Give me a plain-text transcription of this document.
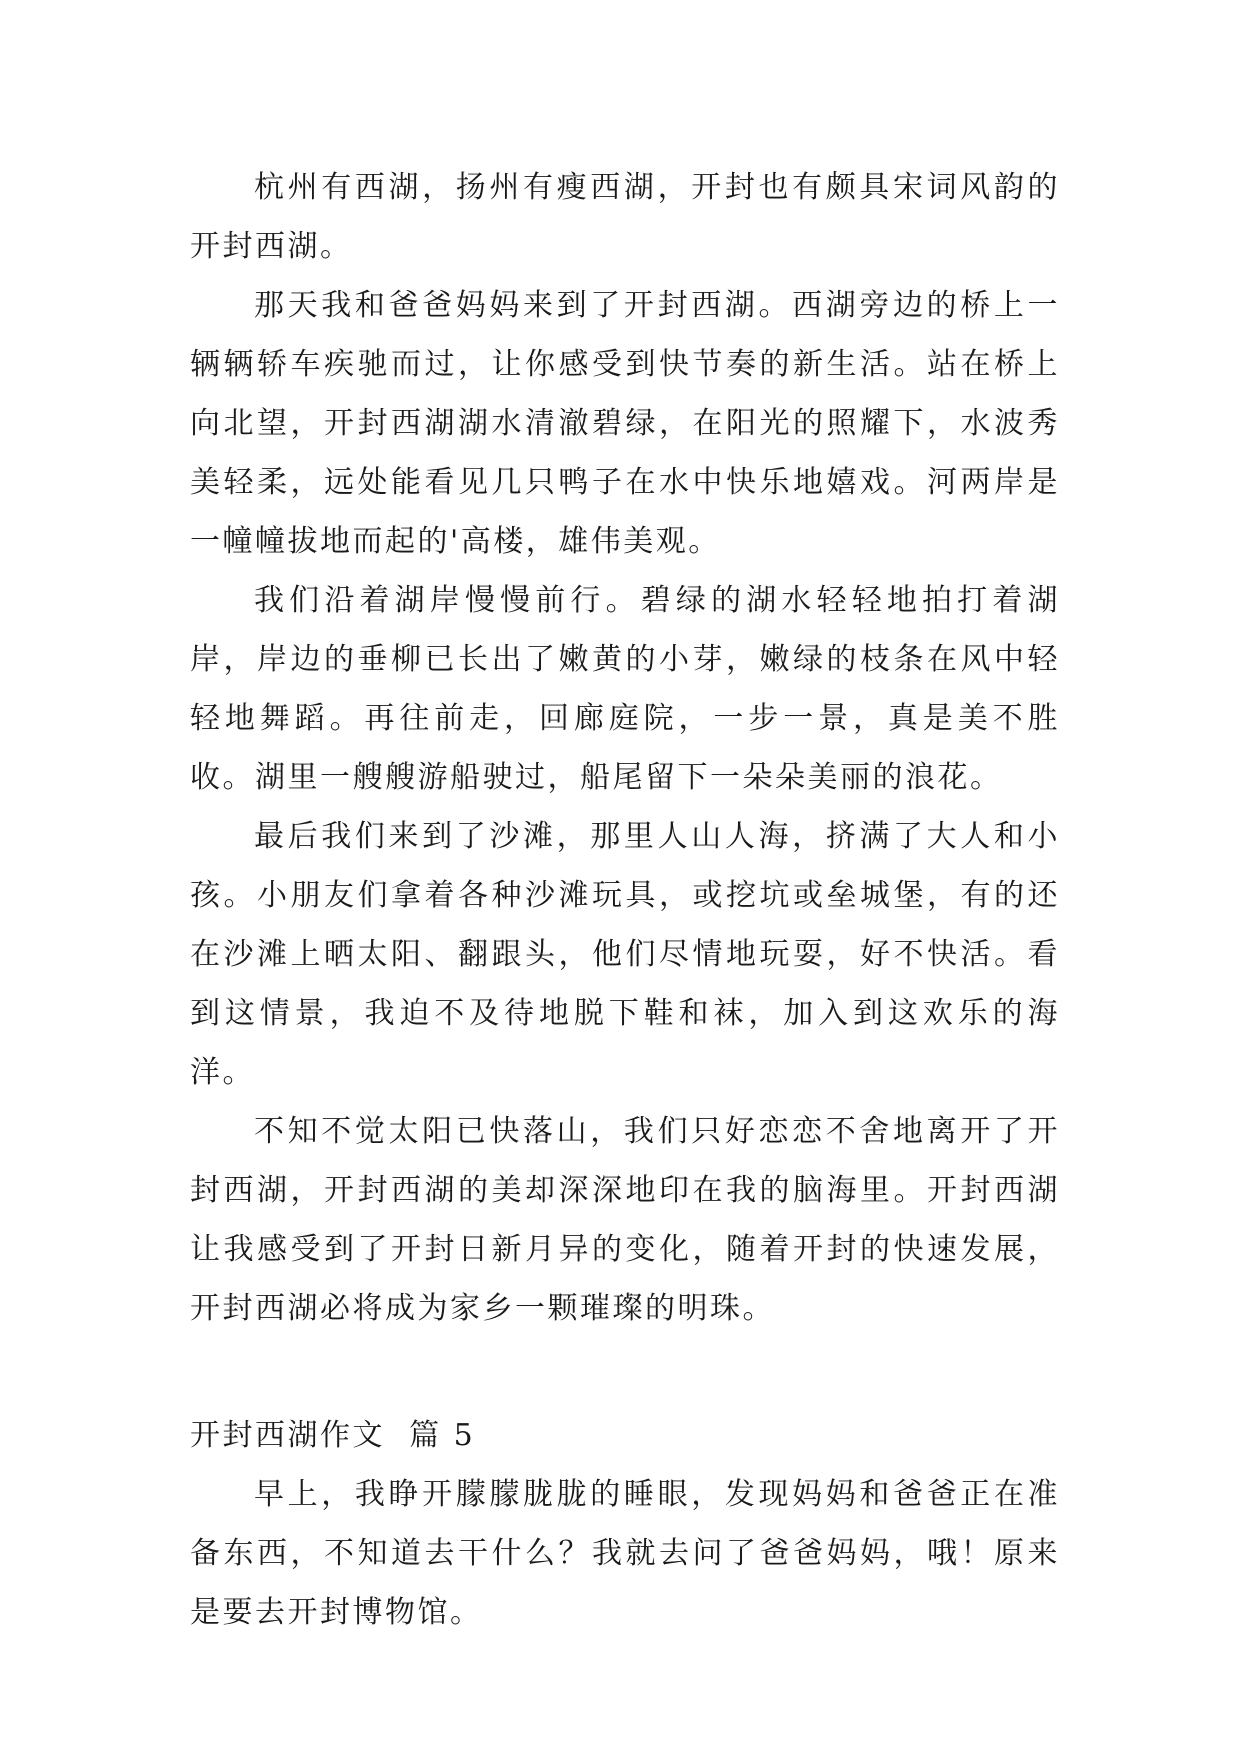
杭州有西湖，扬州有瘦西湖，开封也有颇具宋词风韵的开封西湖。

那天我和爸爸妈妈来到了开封西湖。西湖旁边的桥上一辆辆轿车疾驰而过，让你感受到快节奏的新生活。站在桥上向北望，开封西湖湖水清澈碧绿，在阳光的照耀下，水波秀美轻柔，远处能看见几只鸭子在水中快乐地嬉戏。河两岸是一幢幢拔地而起的'高楼，雄伟美观。

我们沿着湖岸慢慢前行。碧绿的湖水轻轻地拍打着湖岸，岸边的垂柳已长出了嫩黄的小芽，嫩绿的枝条在风中轻轻地舞蹈。再往前走，回廊庭院，一步一景，真是美不胜收。湖里一艘艘游船驶过，船尾留下一朵朵美丽的浪花。

最后我们来到了沙滩，那里人山人海，挤满了大人和小孩。小朋友们拿着各种沙滩玩具，或挖坑或垒城堡，有的还在沙滩上晒太阳、翻跟头，他们尽情地玩耍，好不快活。看到这情景，我迫不及待地脱下鞋和袜，加入到这欢乐的海洋。

不知不觉太阳已快落山，我们只好恋恋不舍地离开了开封西湖，开封西湖的美却深深地印在我的脑海里。开封西湖让我感受到了开封日新月异的变化，随着开封的快速发展，开封西湖必将成为家乡一颗璀璨的明珠。

开封西湖作文  篇 5

早上，我睁开朦朦胧胧的睡眼，发现妈妈和爸爸正在准备东西，不知道去干什么？我就去问了爸爸妈妈，哦！原来是要去开封博物馆。
